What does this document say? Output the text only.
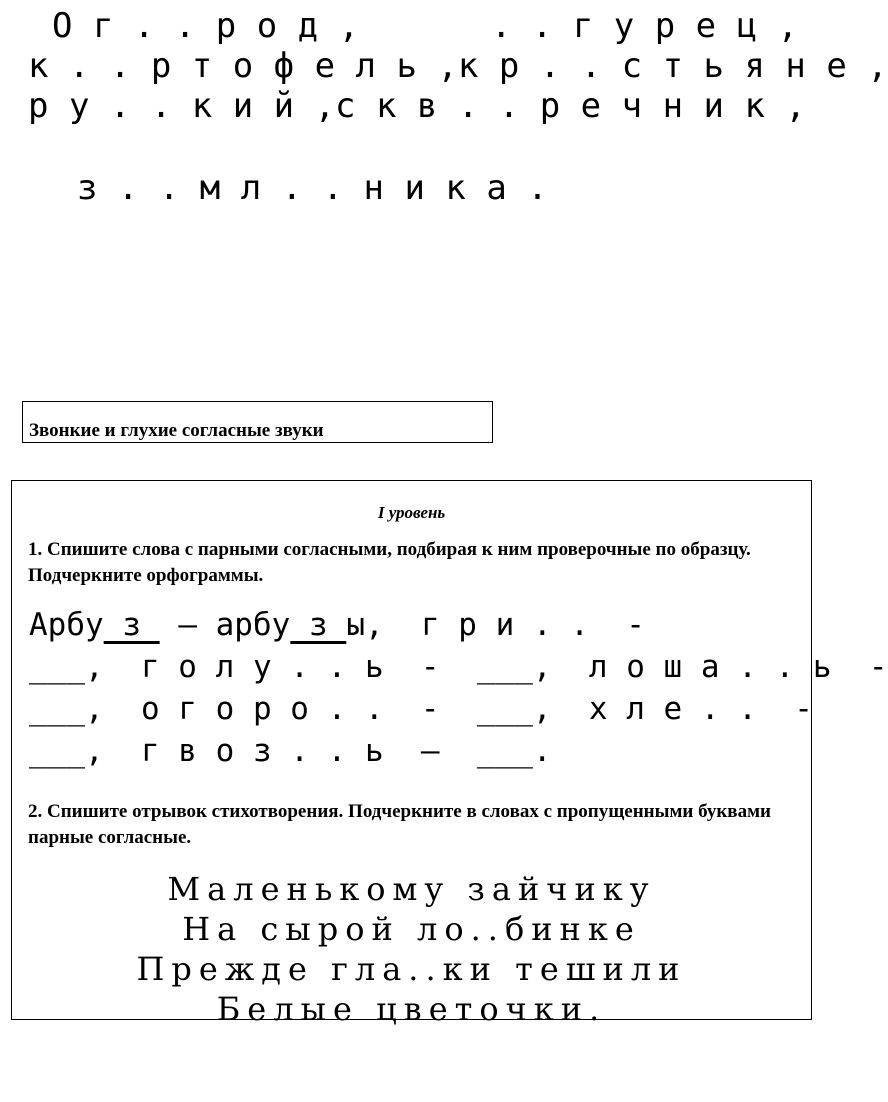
О г . . р о д ,	. . г у р е ц ,
к . . р т о ф е л ь , к р . . с т ь я н е ,
р у . . к и й , с к в . . р е ч н и к ,

з . . м л . . н и к а .

Звонкие и глухие согласные звуки
I уровень
1. Спишите слова с парными согласными, подбирая к ним проверочные по образцу. Подчеркните орфограммы.
Арбу з  – арбу з ы,  г р и . .  -
___,  г о л у . . ь  -  ___,  л о ш а . . ь  -
___,  о г о р о . .  -  ___,  х л е . .  -
___,  г в о з . . ь  –  ___.
2. Спишите отрывок стихотворения. Подчеркните в словах с пропущенными буквами парные согласные.
Маленькому зайчику
На сырой ло..бинке
Прежде гла..ки тешили
Белые цветочки.
